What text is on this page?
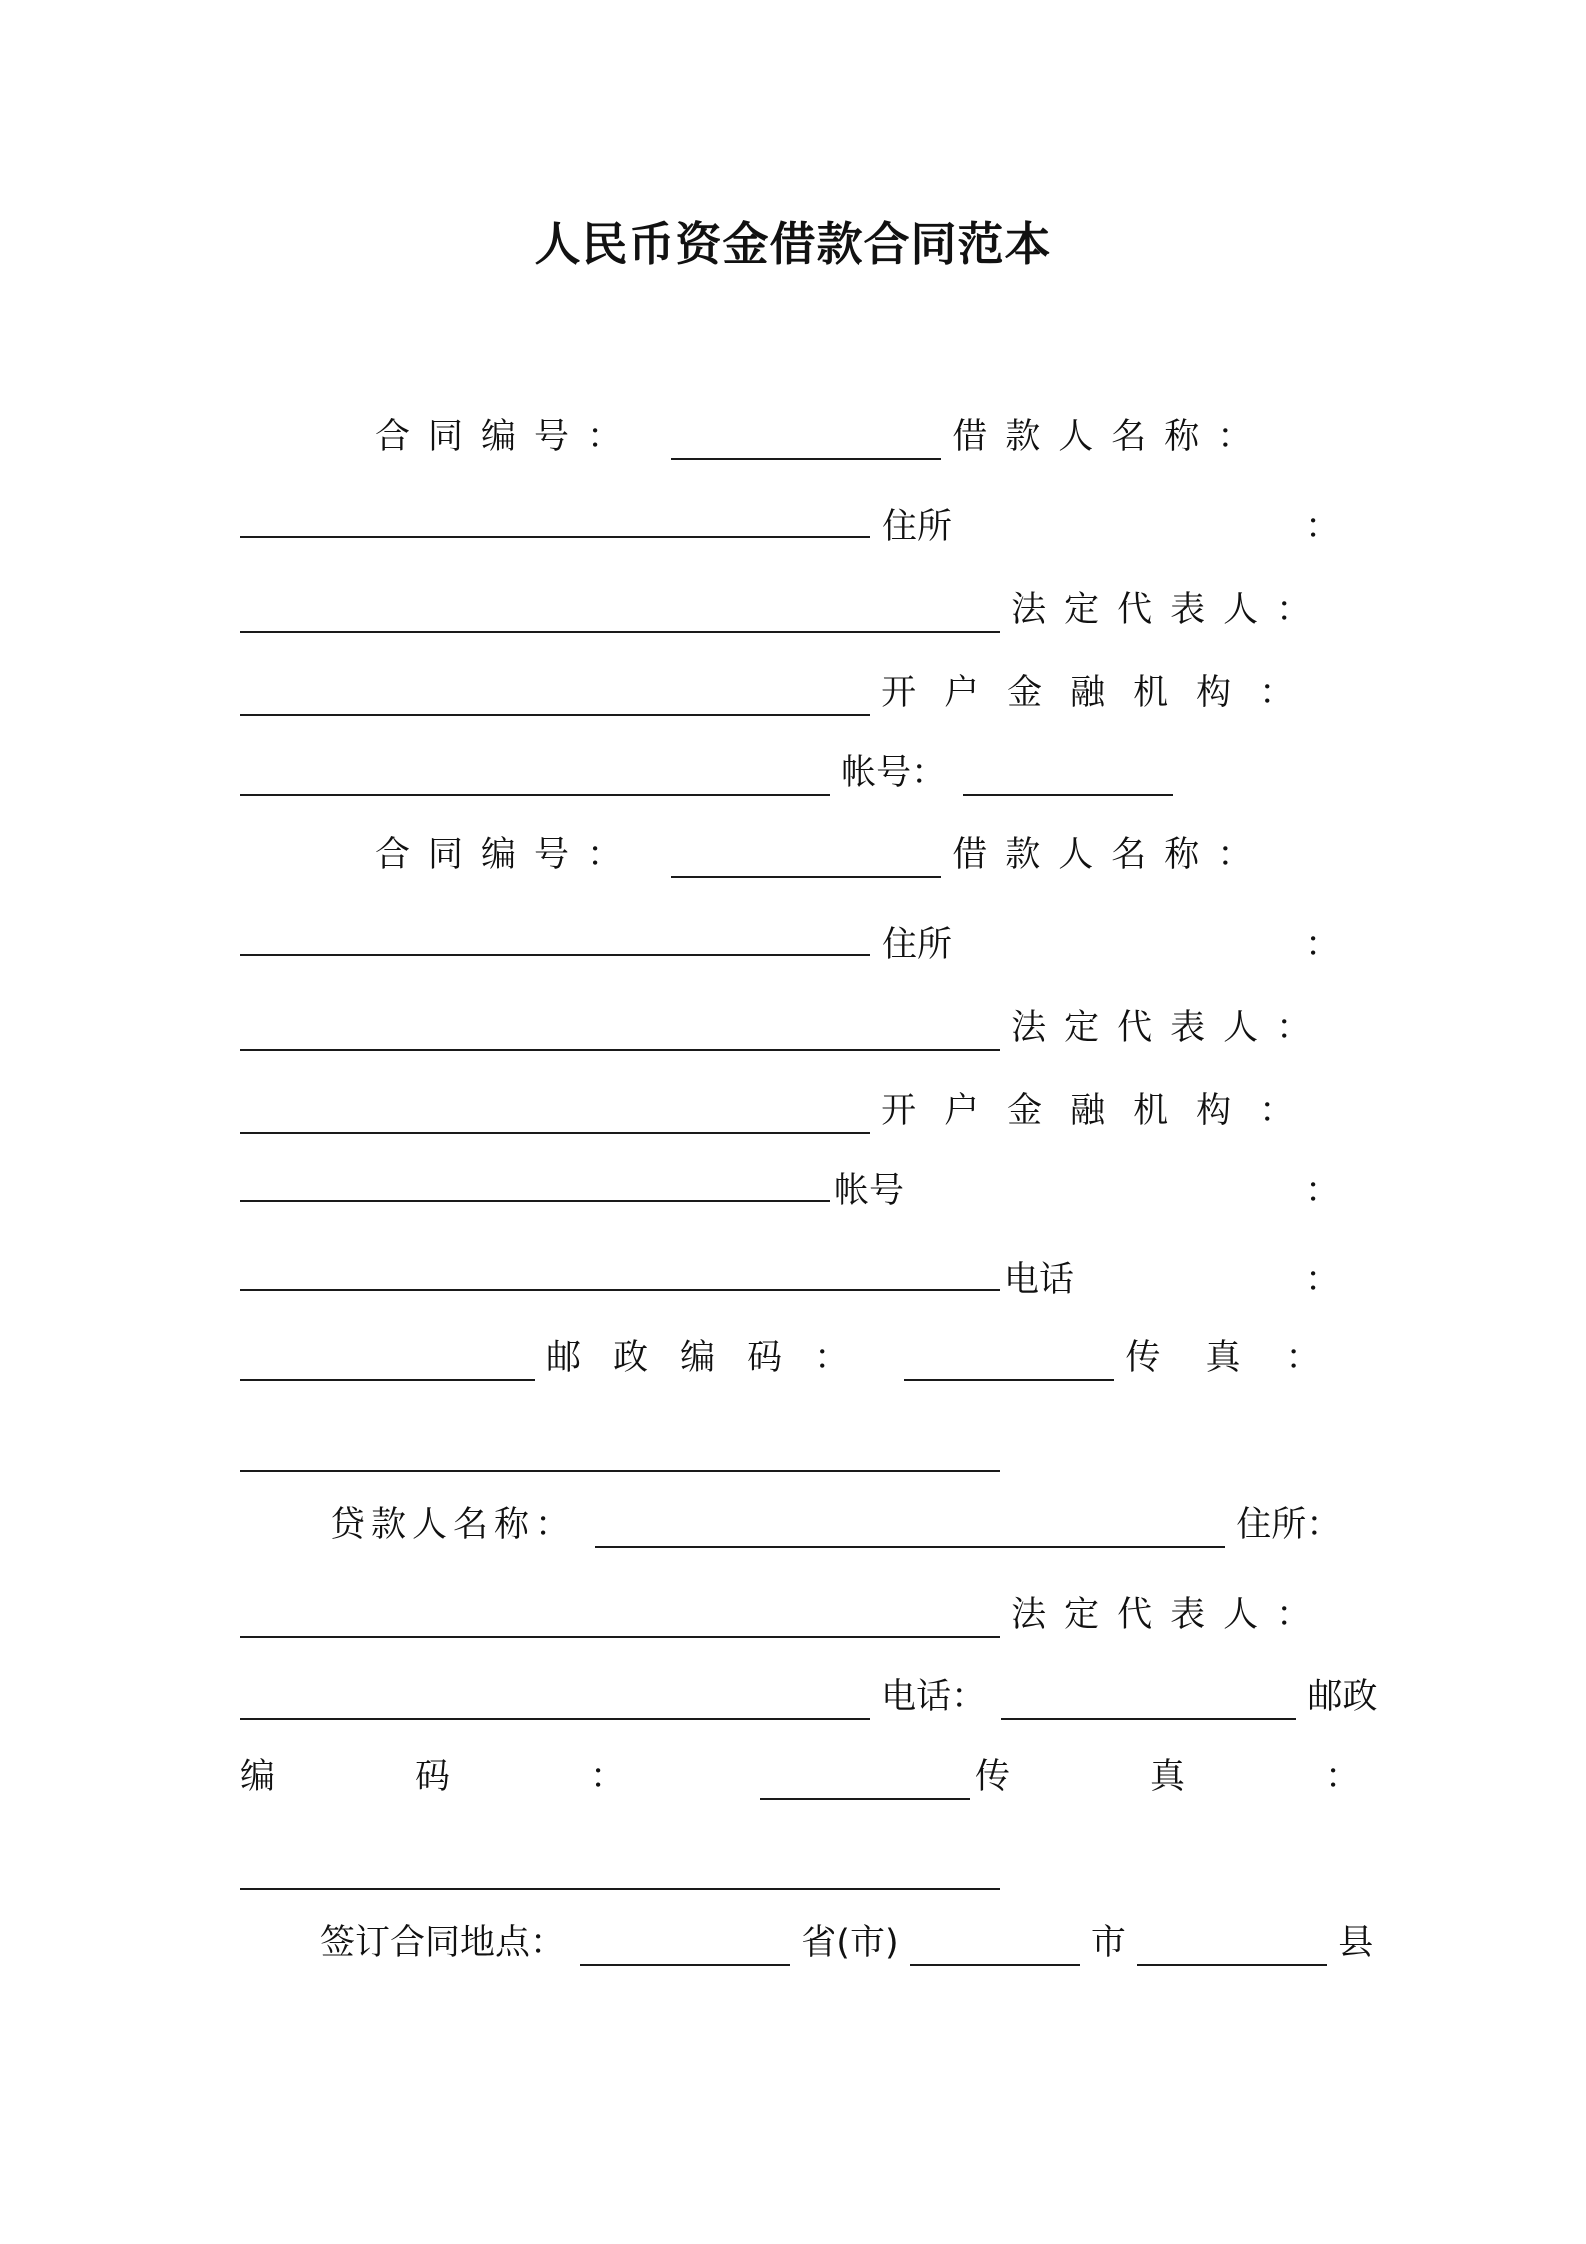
人民币资金借款合同范本
合同编号：	借款人名称：
住所	：
法定代表人：
开户金融机构：
帐号：
合同编号：	借款人名称：
住所	：
法定代表人：
开户金融机构：
帐号	：
电话	：
邮政编码：	传真：
贷款人名称：	住所：
法定代表人：
电话：	邮政
编	码	：	传	真	：
签订合同地点：	省(市)	市	县
